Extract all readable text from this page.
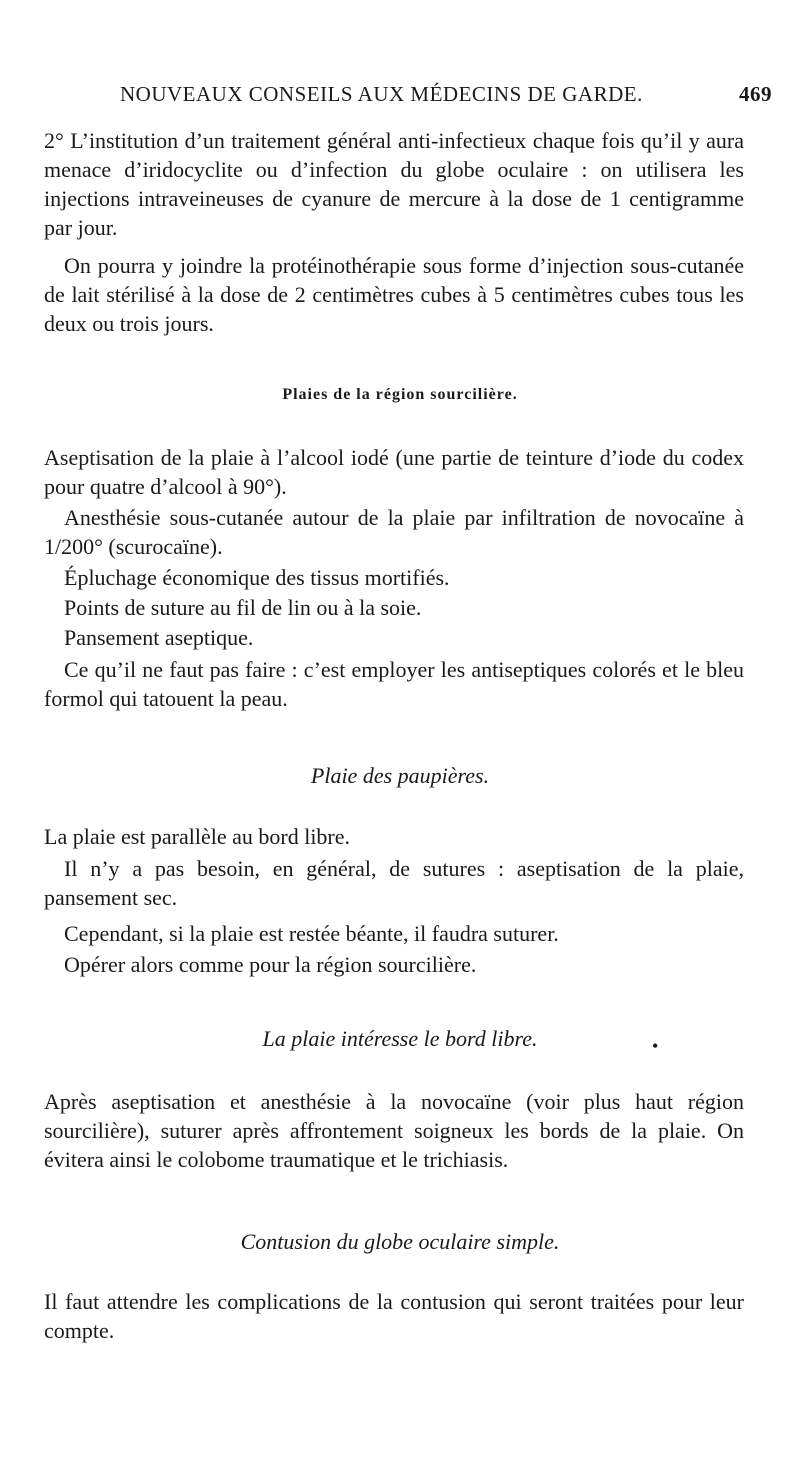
NOUVEAUX CONSEILS AUX MÉDECINS DE GARDE.	469
2° L’institution d’un traitement général anti-infectieux chaque fois qu’il y aura menace d’iridocyclite ou d’infection du globe oculaire : on utilisera les injections intraveineuses de cyanure de mercure à la dose de 1 centigramme par jour.
On pourra y joindre la protéinothérapie sous forme d’injection sous-cutanée de lait stérilisé à la dose de 2 centimètres cubes à 5 centimètres cubes tous les deux ou trois jours.
Plaies de la région sourcilière.
Aseptisation de la plaie à l’alcool iodé (une partie de teinture d’iode du codex pour quatre d’alcool à 90°).
Anesthésie sous-cutanée autour de la plaie par infiltration de novocaïne à 1/200° (scurocaïne).
Épluchage économique des tissus mortifiés.
Points de suture au fil de lin ou à la soie.
Pansement aseptique.
Ce qu’il ne faut pas faire : c’est employer les antiseptiques colorés et le bleu formol qui tatouent la peau.
Plaie des paupières.
La plaie est parallèle au bord libre.
Il n’y a pas besoin, en général, de sutures : aseptisation de la plaie, pansement sec.
Cependant, si la plaie est restée béante, il faudra suturer.
Opérer alors comme pour la région sourcilière.
La plaie intéresse le bord libre.	•
Après aseptisation et anesthésie à la novocaïne (voir plus haut région sourcilière), suturer après affrontement soigneux les bords de la plaie. On évitera ainsi le colobome traumatique et le trichiasis.
Contusion du globe oculaire simple.
Il faut attendre les complications de la contusion qui seront traitées pour leur compte.
